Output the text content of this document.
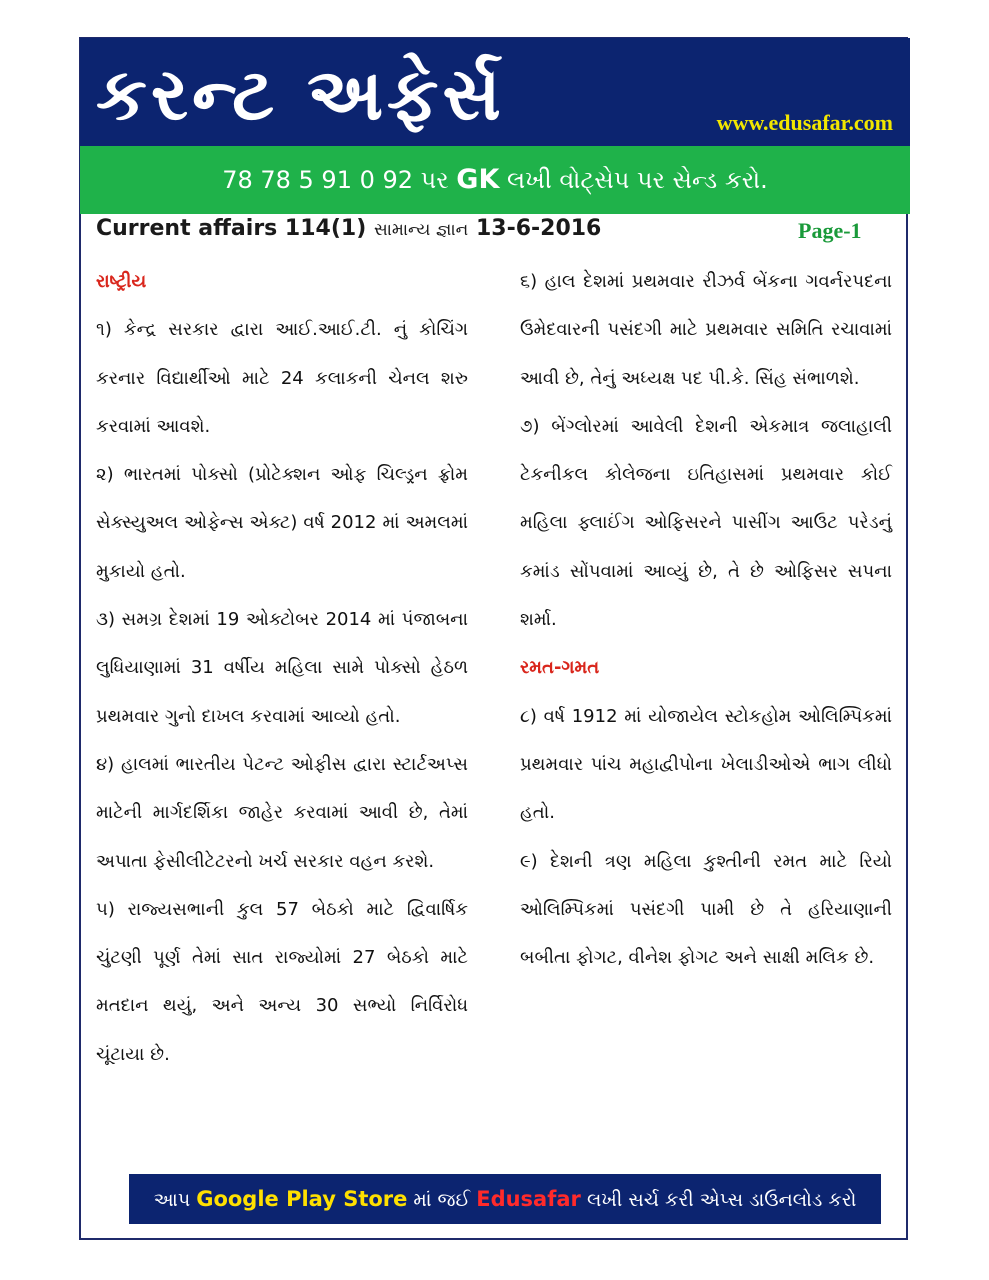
કરન્ટ અફેર્સ	www.edusafar.com
78 78 5 91 0 92 પર GK લખી વોટ્સેપ પર સેન્ડ કરો.
Current affairs 114(1) સામાન્ય જ્ઞાન 13-6-2016	Page-1

રાષ્ટ્રીય

૧) કેન્દ્ર સરકાર દ્વારા આઈ.આઈ.ટી. નું કોચિંગ કરનાર વિદ્યાર્થીઓ માટે 24 કલાકની ચેનલ શરુ કરવામાં આવશે.

૨) ભારતમાં પોક્સો (પ્રોટેક્શન ઓફ ચિલ્ડ્રન ફ્રોમ સેક્સ્યુઅલ ઓફેન્સ એક્ટ) વર્ષ 2012 માં અમલમાં મુકાયો હતો.

૩) સમગ્ર દેશમાં 19 ઓક્ટોબર 2014 માં પંજાબના લુધિયાણામાં 31 વર્ષીય મહિલા સામે પોક્સો હેઠળ પ્રથમવાર ગુનો દાખલ કરવામાં આવ્યો હતો.

૪) હાલમાં ભારતીય પેટન્ટ ઓફીસ દ્વારા સ્ટાર્ટઅપ્સ માટેની માર્ગદર્શિકા જાહેર કરવામાં આવી છે, તેમાં અપાતા ફેસીલીટેટરનો ખર્ચ સરકાર વહન કરશે.

૫) રાજ્યસભાની કુલ 57 બેઠકો માટે દ્વિવાર્ષિક ચુંટણી પૂર્ણ તેમાં સાત રાજ્યોમાં 27 બેઠકો માટે મતદાન થયું, અને અન્ય 30 સભ્યો નિર્વિરોધ ચૂંટાયા છે.

૬) હાલ દેશમાં પ્રથમવાર રીઝર્વ બેંકના ગવર્નરપદના ઉમેદવારની પસંદગી માટે પ્રથમવાર સમિતિ રચાવામાં આવી છે, તેનું અધ્યક્ષ પદ પી.કે. સિંહ સંભાળશે.

૭) બેંગ્લોરમાં આવેલી દેશની એકમાત્ર જલાહાલી ટેકનીકલ કોલેજના ઇતિહાસમાં પ્રથમવાર કોઈ મહિલા ફ્લાઈંગ ઓફિસરને પાસીંગ આઉટ પરેડનું કમાંડ સોંપવામાં આવ્યું છે, તે છે ઓફિસર સપના શર્મા.

રમત-ગમત

૮) વર્ષ 1912 માં યોજાયેલ સ્ટોકહોમ ઓલિમ્પિકમાં પ્રથમવાર પાંચ મહાદ્વીપોના ખેલાડીઓએ ભાગ લીધો હતો.

૯) દેશની ત્રણ મહિલા કુશ્તીની રમત માટે રિયો ઓલિમ્પિકમાં પસંદગી પામી છે તે હરિયાણાની બબીતા ફોગટ, વીનેશ ફોગટ અને સાક્ષી મલિક છે.

આપ Google Play Store માં જઈ Edusafar લખી સર્ચ કરી એપ્સ ડાઉનલોડ કરો
